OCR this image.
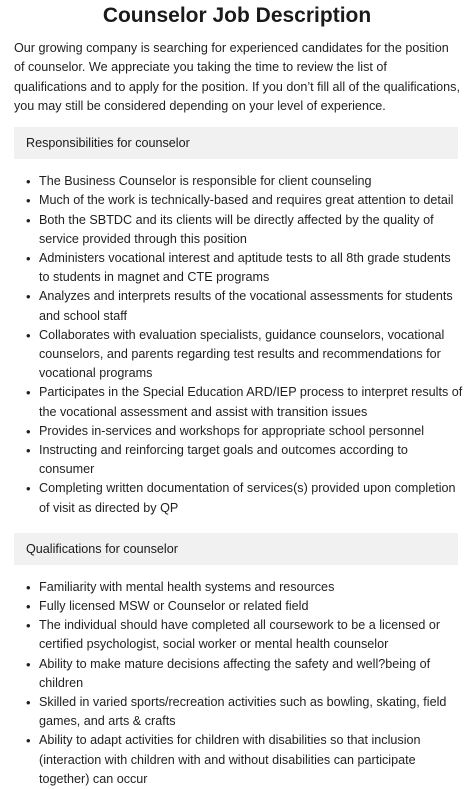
Counselor Job Description

Our growing company is searching for experienced candidates for the position of counselor. We appreciate you taking the time to review the list of qualifications and to apply for the position. If you don’t fill all of the qualifications, you may still be considered depending on your level of experience.

Responsibilities for counselor
• The Business Counselor is responsible for client counseling
• Much of the work is technically-based and requires great attention to detail
• Both the SBTDC and its clients will be directly affected by the quality of service provided through this position
• Administers vocational interest and aptitude tests to all 8th grade students to students in magnet and CTE programs
• Analyzes and interprets results of the vocational assessments for students and school staff
• Collaborates with evaluation specialists, guidance counselors, vocational counselors, and parents regarding test results and recommendations for vocational programs
• Participates in the Special Education ARD/IEP process to interpret results of the vocational assessment and assist with transition issues
• Provides in-services and workshops for appropriate school personnel
• Instructing and reinforcing target goals and outcomes according to consumer
• Completing written documentation of services(s) provided upon completion of visit as directed by QP
Qualifications for counselor
• Familiarity with mental health systems and resources
• Fully licensed MSW or Counselor or related field
• The individual should have completed all coursework to be a licensed or certified psychologist, social worker or mental health counselor
• Ability to make mature decisions affecting the safety and well?being of children
• Skilled in varied sports/recreation activities such as bowling, skating, field games, and arts & crafts
• Ability to adapt activities for children with disabilities so that inclusion (interaction with children with and without disabilities can participate together) can occur
